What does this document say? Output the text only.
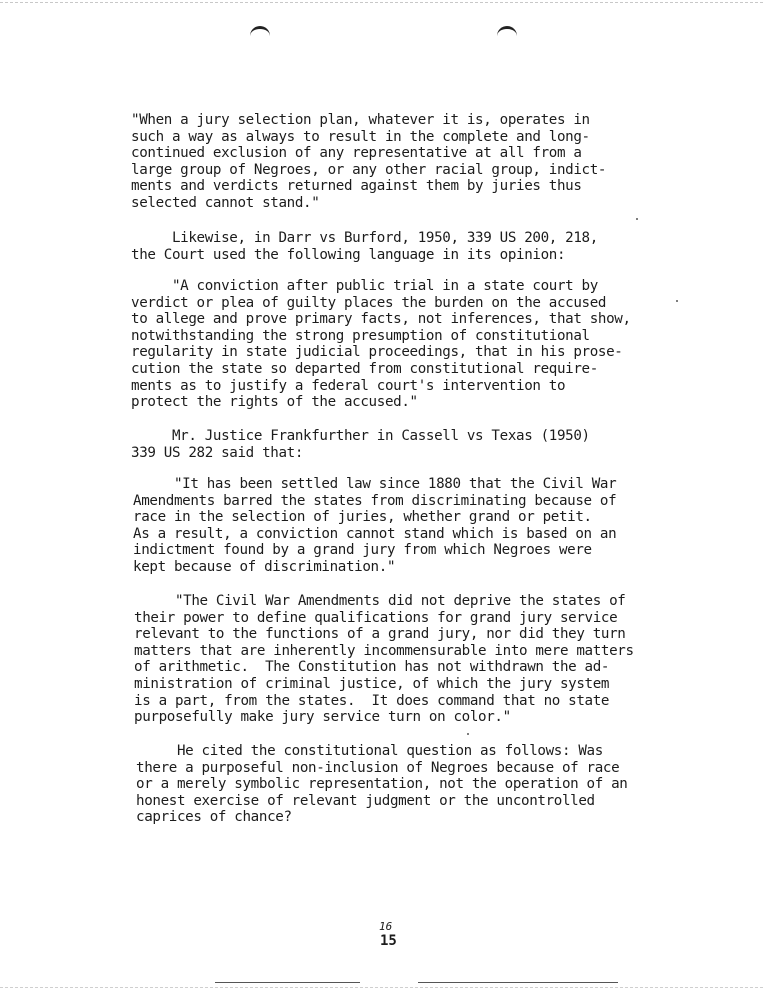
"When a jury selection plan, whatever it is, operates in
such a way as always to result in the complete and long-
continued exclusion of any representative at all from a
large group of Negroes, or any other racial group, indict-
ments and verdicts returned against them by juries thus
selected cannot stand."

Likewise, in Darr vs Burford, 1950, 339 US 200, 218,
the Court used the following language in its opinion:

"A conviction after public trial in a state court by
verdict or plea of guilty places the burden on the accused
to allege and prove primary facts, not inferences, that show,
notwithstanding the strong presumption of constitutional
regularity in state judicial proceedings, that in his prose-
cution the state so departed from constitutional require-
ments as to justify a federal court's intervention to
protect the rights of the accused."

Mr. Justice Frankfurther in Cassell vs Texas (1950)
339 US 282 said that:

"It has been settled law since 1880 that the Civil War
Amendments barred the states from discriminating because of
race in the selection of juries, whether grand or petit.
As a result, a conviction cannot stand which is based on an
indictment found by a grand jury from which Negroes were
kept because of discrimination."

"The Civil War Amendments did not deprive the states of
their power to define qualifications for grand jury service
relevant to the functions of a grand jury, nor did they turn
matters that are inherently incommensurable into mere matters
of arithmetic.  The Constitution has not withdrawn the ad-
ministration of criminal justice, of which the jury system
is a part, from the states.  It does command that no state
purposefully make jury service turn on color."

He cited the constitutional question as follows: Was
there a purposeful non-inclusion of Negroes because of race
or a merely symbolic representation, not the operation of an
honest exercise of relevant judgment or the uncontrolled
caprices of chance?

16
15
